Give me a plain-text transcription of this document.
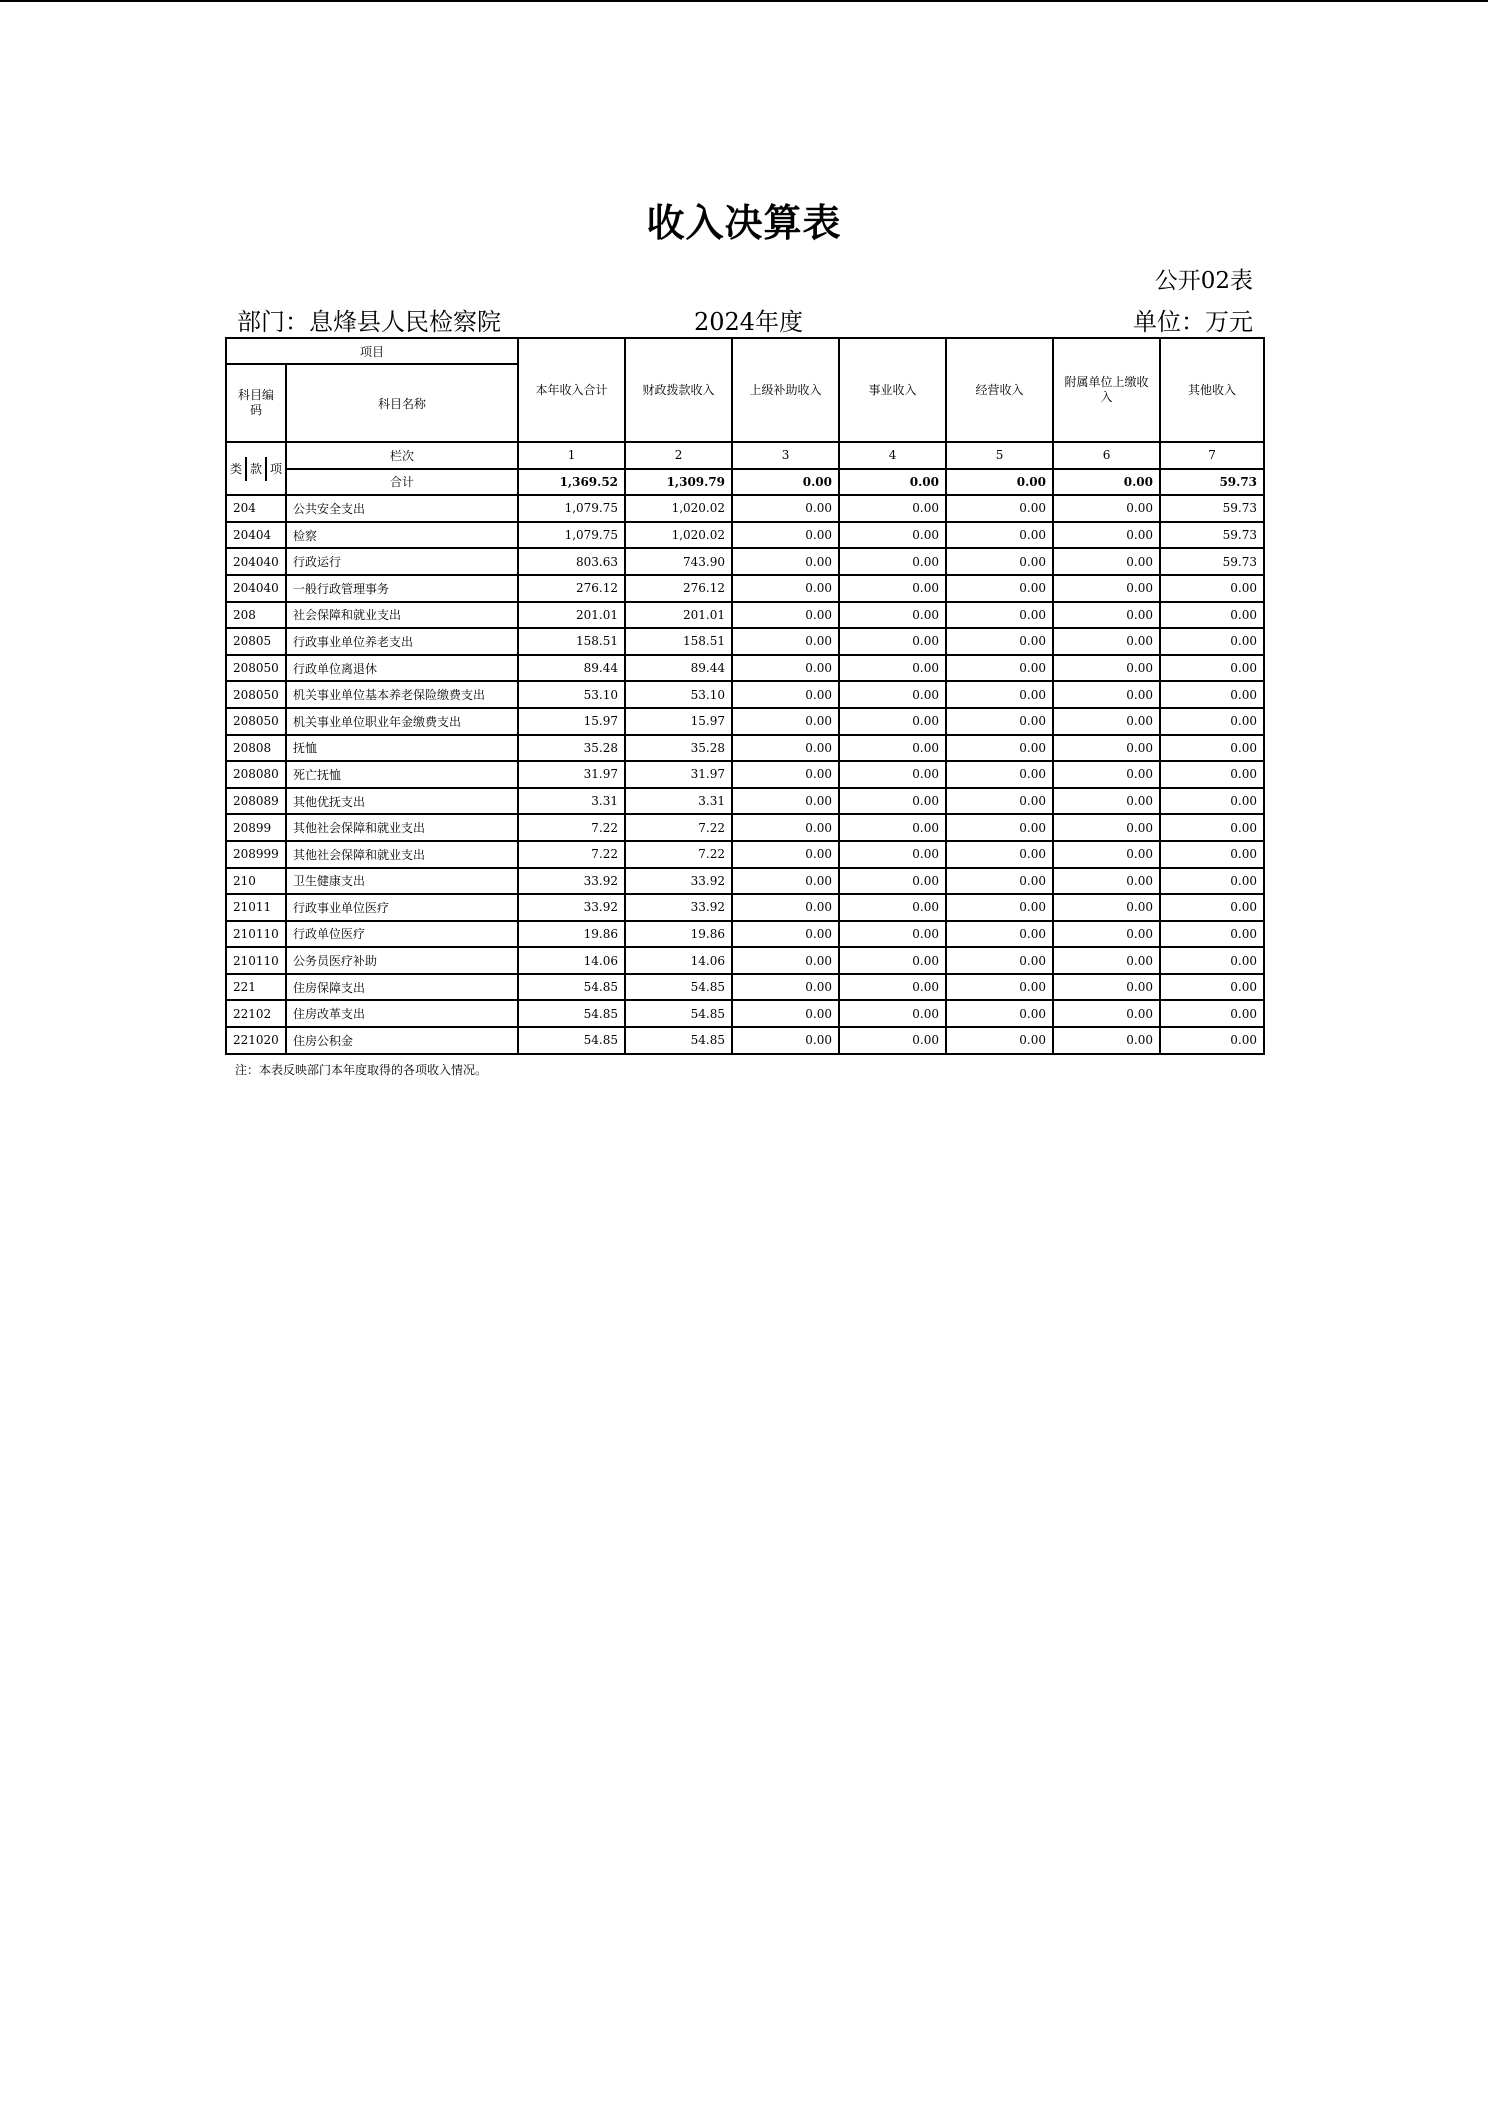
收入决算表
公开02表
部门：息烽县人民检察院	2024年度	单位：万元
项目		本年收入合计	财政拨款收入	上级补助收入	事业收入	经营收入	附属单位上缴收入	其他收入
科目编码	科目名称							

类 款 项	栏次	1	2	3	4	5	6	7
	合计	1,369.52	1,309.79	0.00	0.00	0.00	0.00	59.73
204	公共安全支出	1,079.75	1,020.02	0.00	0.00	0.00	0.00	59.73
20404	检察	1,079.75	1,020.02	0.00	0.00	0.00	0.00	59.73
204040	行政运行	803.63	743.90	0.00	0.00	0.00	0.00	59.73
204040	一般行政管理事务	276.12	276.12	0.00	0.00	0.00	0.00	0.00
208	社会保障和就业支出	201.01	201.01	0.00	0.00	0.00	0.00	0.00
20805	行政事业单位养老支出	158.51	158.51	0.00	0.00	0.00	0.00	0.00
208050	行政单位离退休	89.44	89.44	0.00	0.00	0.00	0.00	0.00
208050	机关事业单位基本养老保险缴费支出	53.10	53.10	0.00	0.00	0.00	0.00	0.00
208050	机关事业单位职业年金缴费支出	15.97	15.97	0.00	0.00	0.00	0.00	0.00
20808	抚恤	35.28	35.28	0.00	0.00	0.00	0.00	0.00
208080	死亡抚恤	31.97	31.97	0.00	0.00	0.00	0.00	0.00
208089	其他优抚支出	3.31	3.31	0.00	0.00	0.00	0.00	0.00
20899	其他社会保障和就业支出	7.22	7.22	0.00	0.00	0.00	0.00	0.00
208999	其他社会保障和就业支出	7.22	7.22	0.00	0.00	0.00	0.00	0.00
210	卫生健康支出	33.92	33.92	0.00	0.00	0.00	0.00	0.00
21011	行政事业单位医疗	33.92	33.92	0.00	0.00	0.00	0.00	0.00
210110	行政单位医疗	19.86	19.86	0.00	0.00	0.00	0.00	0.00
210110	公务员医疗补助	14.06	14.06	0.00	0.00	0.00	0.00	0.00
221	住房保障支出	54.85	54.85	0.00	0.00	0.00	0.00	0.00
22102	住房改革支出	54.85	54.85	0.00	0.00	0.00	0.00	0.00
221020	住房公积金	54.85	54.85	0.00	0.00	0.00	0.00	0.00
注：本表反映部门本年度取得的各项收入情况。
